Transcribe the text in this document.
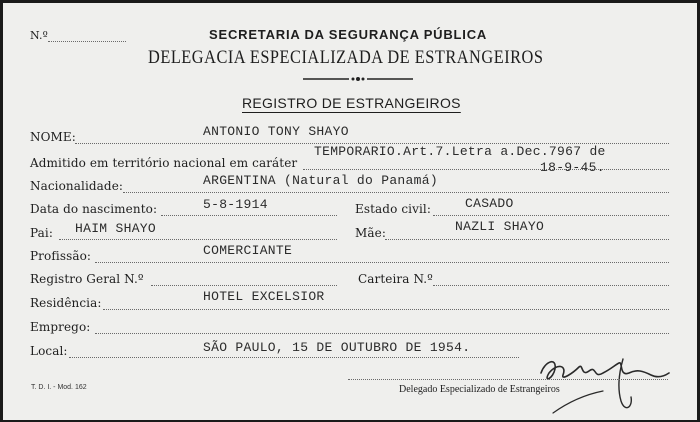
N.º	SECRETARIA DA SEGURANÇA PÚBLICA
DELEGACIA ESPECIALIZADA DE ESTRANGEIROS
REGISTRO DE ESTRANGEIROS
NOME:	ANTONIO TONY SHAYO
Admitido em território nacional em caráter
TEMPORARIO.Art.7.Letra a.Dec.7967 de
18-9-45.
Nacionalidade:	ARGENTINA (Natural do Panamá)
Data do nascimento:	5-8-1914	Estado civil:	CASADO
Pai: HAIM SHAYO	Mãe:	NAZLI SHAYO
Profissão:	COMERCIANTE
Registro Geral N.º	Carteira N.º
Residência:	HOTEL EXCELSIOR
Emprego:
Local:	SÃO PAULO, 15 DE OUTUBRO DE 1954.
Delegado Especializado de Estrangeiros
T. D. I. - Mod. 162
